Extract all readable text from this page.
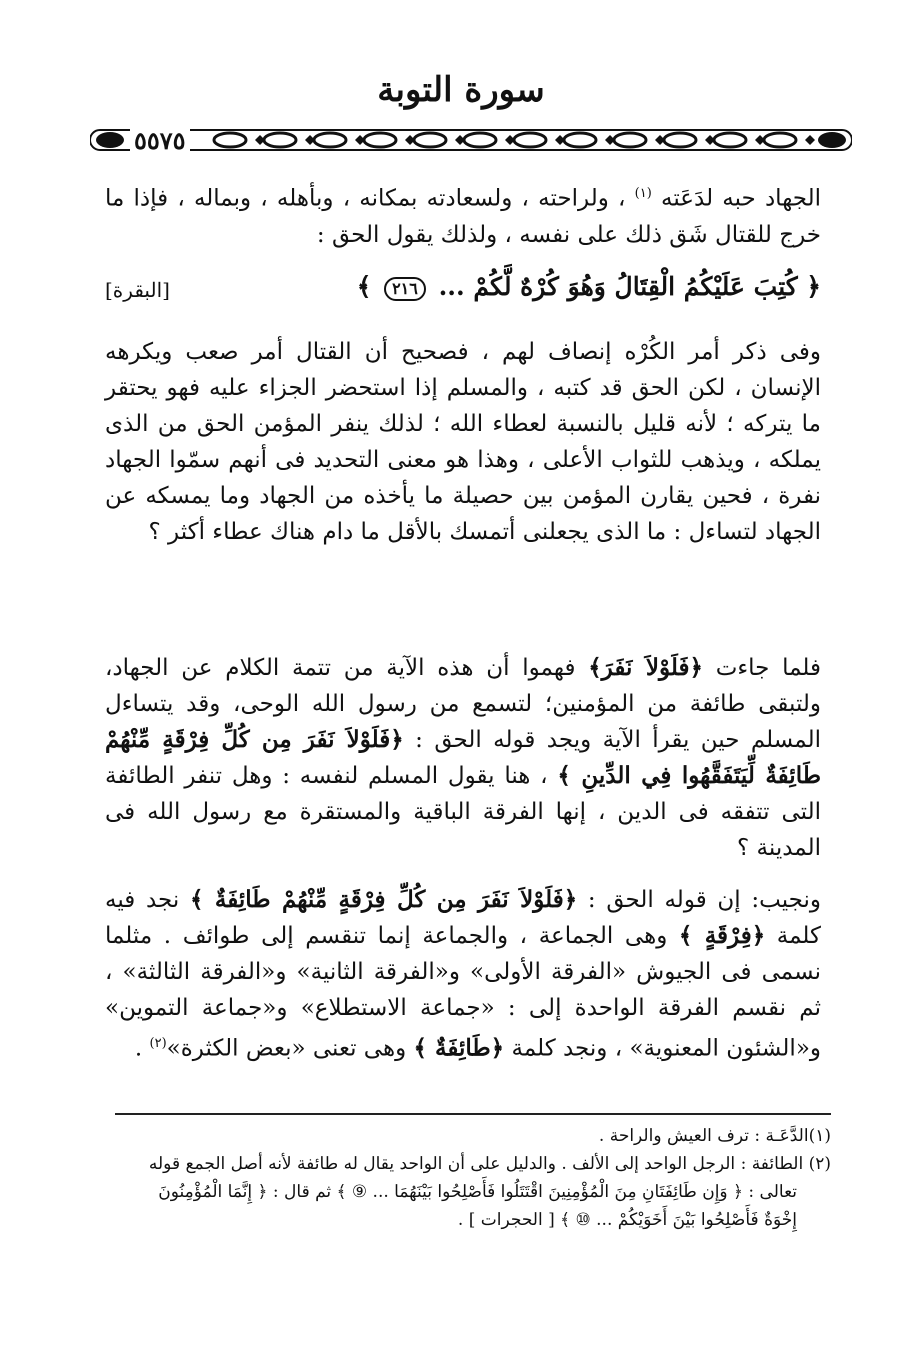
سورة التوبة
٥٥٧٥

الجهاد حبه لدَعَته $^{(١)}$ ، ولراحته ، ولسعادته بمكانه ، وبأهله ، وبماله ، فإذا ما خرج للقتال شَق ذلك على نفسه ، ولذلك يقول الحق :

﴿ كُتِبَ عَلَيْكُمُ الْقِتَالُ وَهُوَ كُرْهٌ لَّكُمْ ... ٢١٦ ﴾
[البقرة]

وفى ذكر أمر الكُرْه إنصاف لهم ، فصحيح أن القتال أمر صعب ويكرهه الإنسان ، لكن الحق قد كتبه ، والمسلم إذا استحضر الجزاء عليه فهو يحتقر ما يتركه ؛ لأنه قليل بالنسبة لعطاء الله ؛ لذلك ينفر المؤمن الحق من الذى يملكه ، ويذهب للثواب الأعلى ، وهذا هو معنى التحديد فى أنهم سمّوا الجهاد نفرة ، فحين يقارن المؤمن بين حصيلة ما يأخذه من الجهاد وما يمسكه عن الجهاد لتساءل : ما الذى يجعلنى أتمسك بالأقل ما دام هناك عطاء أكثر ؟

فلما جاءت ﴿فَلَوْلاَ نَفَرَ﴾ فهموا أن هذه الآية من تتمة الكلام عن الجهاد، ولتبقى طائفة من المؤمنين؛ لتسمع من رسول الله الوحى، وقد يتساءل المسلم حين يقرأ الآية ويجد قوله الحق : ﴿فَلَوْلاَ نَفَرَ مِن كُلِّ فِرْقَةٍ مِّنْهُمْ طَائِفَةٌ لِّيَتَفَقَّهُوا فِي الدِّينِ ﴾ ، هنا يقول المسلم لنفسه : وهل تنفر الطائفة التى تتفقه فى الدين ، إنها الفرقة الباقية والمستقرة مع رسول الله فى المدينة ؟

ونجيب: إن قوله الحق : ﴿فَلَوْلاَ نَفَرَ مِن كُلِّ فِرْقَةٍ مِّنْهُمْ طَائِفَةٌ ﴾ نجد فيه كلمة ﴿فِرْقَةٍ ﴾ وهى الجماعة ، والجماعة إنما تنقسم إلى طوائف . مثلما نسمى فى الجيوش «الفرقة الأولى» و«الفرقة الثانية» و«الفرقة الثالثة» ، ثم نقسم الفرقة الواحدة إلى : «جماعة الاستطلاع» و«جماعة التموين» و«الشئون المعنوية» ، ونجد كلمة ﴿طَائِفَةٌ ﴾ وهى تعنى «بعض الكثرة»$^{(٢)}$ .

(١)الدَّعَـة : ترف العيش والراحة .

(٢) الطائفة : الرجل الواحد إلى الألف . والدليل على أن الواحد يقال له طائفة لأنه أصل الجمع قوله

تعالى : ﴿ وَإِن طَائِفَتَانِ مِنَ الْمُؤْمِنِينَ اقْتَتَلُوا فَأَصْلِحُوا بَيْنَهُمَا ... ⑨ ﴾ ثم قال : ﴿ إِنَّمَا الْمُؤْمِنُونَ

إِخْوَةٌ فَأَصْلِحُوا بَيْنَ أَخَوَيْكُمْ ... ⑩ ﴾ [ الحجرات ] .
